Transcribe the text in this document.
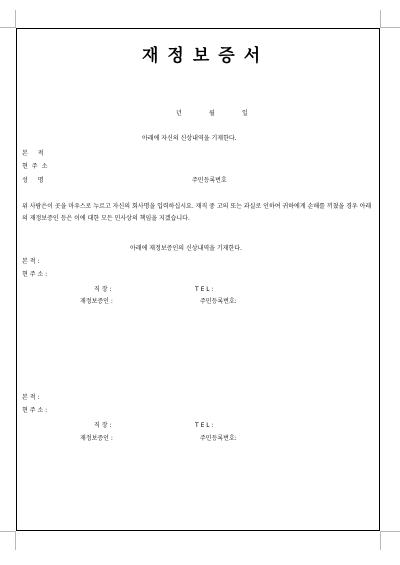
재정보증서
년	월	일
아래에 자신의 신상내역을 기재한다.
본 적
현주소
성 명	주민등록번호
위 사람은이 곳을 마우스로 누르고 자신의 회사명을 입력하십시요. 재직 중 고의 또는 과실로 인하여 귀하에게 손해를 끼쳤을 경우 아래의 재정보증인 등은 이에 대한 모든 민사상의 책임을 지겠습니다.
아래에 재정보증인의 신상내역을 기재한다.
본 적 :
현 주 소 :
직 장 :	T E L :
재정보증인 :	주민등록번호:
본 적 :
현 주 소 :
직 장 :	T E L :
재정보증인 :	주민등록번호:
